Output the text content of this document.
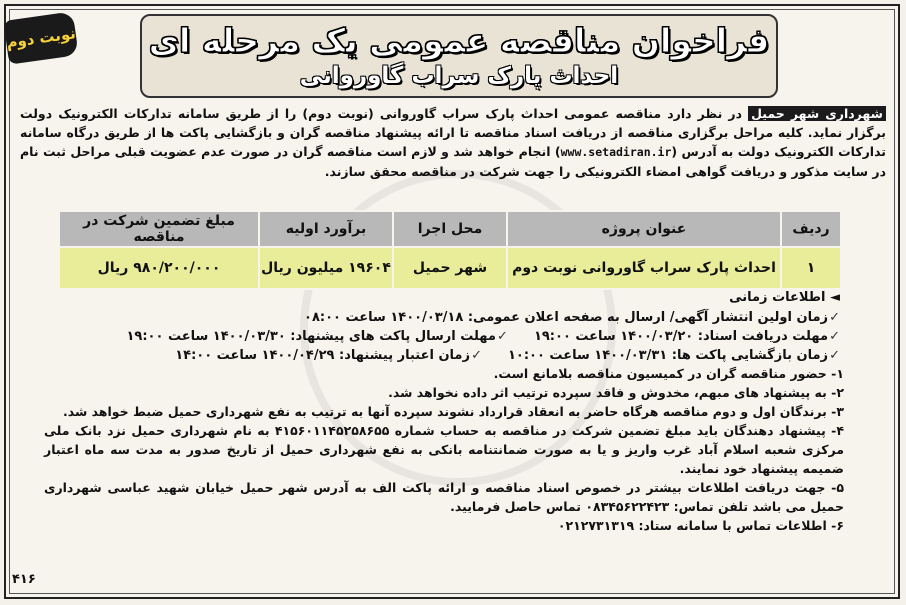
نوبت دوم فراخوان مناقصه عمومی یک مرحله ای
احداث پارک سراب گاوروانی
شهرداری شهر حمیل در نظر دارد مناقصه عمومی احداث پارک سراب گاوروانی (نوبت دوم) را از طریق سامانه تدارکات الکترونیک دولت برگزار نماید. کلیه مراحل برگزاری مناقصه از دریافت اسناد مناقصه تا ارائه پیشنهاد مناقصه گران و بازگشایی پاکت ها از طریق درگاه سامانه تدارکات الکترونیک دولت به آدرس (www.setadiran.ir) انجام خواهد شد و لازم است مناقصه گران در صورت عدم عضویت قبلی مراحل ثبت نام در سایت مذکور و دریافت گواهی امضاء الکترونیکی را جهت شرکت در مناقصه محقق سازند.
ردیف	عنوان پروژه	محل اجرا	برآورد اولیه	مبلغ تضمین شرکت در مناقصه
۱	احداث پارک سراب گاوروانی نوبت دوم	شهر حمیل	۱۹۶۰۴ میلیون ریال	۹۸۰/۲۰۰/۰۰۰ ریال
◄ اطلاعات زمانی
✓زمان اولین انتشار آگهی/ ارسال به صفحه اعلان عمومی: ۱۴۰۰/۰۳/۱۸ ساعت ۰۸:۰۰
✓مهلت دریافت اسناد: ۱۴۰۰/۰۳/۲۰ ساعت ۱۹:۰۰
✓مهلت ارسال پاکت های پیشنهاد: ۱۴۰۰/۰۳/۳۰ ساعت ۱۹:۰۰
✓زمان بازگشایی پاکت ها: ۱۴۰۰/۰۳/۳۱ ساعت ۱۰:۰۰
✓زمان اعتبار پیشنهاد: ۱۴۰۰/۰۴/۲۹ ساعت ۱۴:۰۰

۱- حضور مناقصه گران در کمیسیون مناقصه بلامانع است.

۲- به پیشنهاد های مبهم، مخدوش و فاقد سپرده ترتیب اثر داده نخواهد شد.

۳- برندگان اول و دوم مناقصه هرگاه حاضر به انعقاد قرارداد نشوند سپرده آنها به ترتیب به نفع شهرداری حمیل ضبط خواهد شد.

۴- پیشنهاد دهندگان باید مبلغ تضمین شرکت در مناقصه به حساب شماره ۴۱۵۶۰۱۱۴۵۲۵۸۶۵۵ به نام شهرداری حمیل نزد بانک ملی مرکزی شعبه اسلام آباد غرب واریز و یا به صورت ضمانتنامه بانکی به نفع شهرداری حمیل از تاریخ صدور به مدت سه ماه اعتبار ضمیمه پیشنهاد خود نمایند.

۵- جهت دریافت اطلاعات بیشتر در خصوص اسناد مناقصه و ارائه پاکت الف به آدرس شهر حمیل خیابان شهید عباسی شهرداری حمیل می باشد تلفن تماس: ۰۸۳۴۵۶۲۲۴۲۳ تماس حاصل فرمایید.

۶- اطلاعات تماس با سامانه ستاد: ۰۲۱۲۷۳۱۳۱۹

۴۱۶
